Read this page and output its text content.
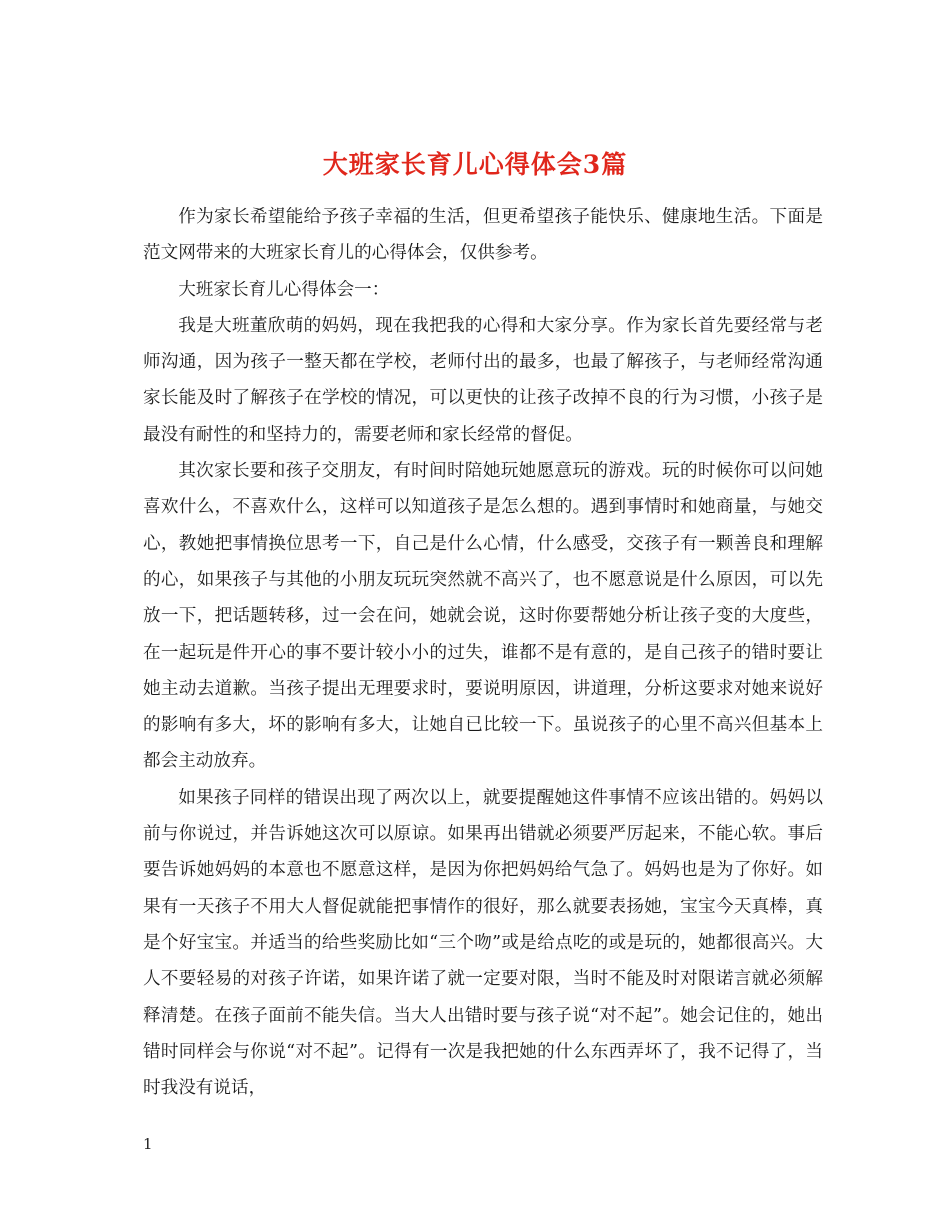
大班家长育儿心得体会3篇

作为家长希望能给予孩子幸福的生活，但更希望孩子能快乐、健康地生活。下面是范文网带来的大班家长育儿的心得体会，仅供参考。

大班家长育儿心得体会一：

我是大班董欣萌的妈妈，现在我把我的心得和大家分享。作为家长首先要经常与老师沟通，因为孩子一整天都在学校，老师付出的最多，也最了解孩子，与老师经常沟通家长能及时了解孩子在学校的情况，可以更快的让孩子改掉不良的行为习惯，小孩子是最没有耐性的和坚持力的，需要老师和家长经常的督促。

其次家长要和孩子交朋友，有时间时陪她玩她愿意玩的游戏。玩的时候你可以问她喜欢什么，不喜欢什么，这样可以知道孩子是怎么想的。遇到事情时和她商量，与她交心，教她把事情换位思考一下，自己是什么心情，什么感受，交孩子有一颗善良和理解的心，如果孩子与其他的小朋友玩玩突然就不高兴了，也不愿意说是什么原因，可以先放一下，把话题转移，过一会在问，她就会说，这时你要帮她分析让孩子变的大度些，在一起玩是件开心的事不要计较小小的过失，谁都不是有意的，是自己孩子的错时要让她主动去道歉。当孩子提出无理要求时，要说明原因，讲道理，分析这要求对她来说好的影响有多大，坏的影响有多大，让她自已比较一下。虽说孩子的心里不高兴但基本上都会主动放弃。

如果孩子同样的错误出现了两次以上，就要提醒她这件事情不应该出错的。妈妈以前与你说过，并告诉她这次可以原谅。如果再出错就必须要严厉起来，不能心软。事后要告诉她妈妈的本意也不愿意这样，是因为你把妈妈给气急了。妈妈也是为了你好。如果有一天孩子不用大人督促就能把事情作的很好，那么就要表扬她，宝宝今天真棒，真是个好宝宝。并适当的给些奖励比如“三个吻”或是给点吃的或是玩的，她都很高兴。大人不要轻易的对孩子许诺，如果许诺了就一定要对限，当时不能及时对限诺言就必须解释清楚。在孩子面前不能失信。当大人出错时要与孩子说“对不起”。她会记住的，她出错时同样会与你说“对不起”。记得有一次是我把她的什么东西弄坏了，我不记得了，当时我没有说话，

1
